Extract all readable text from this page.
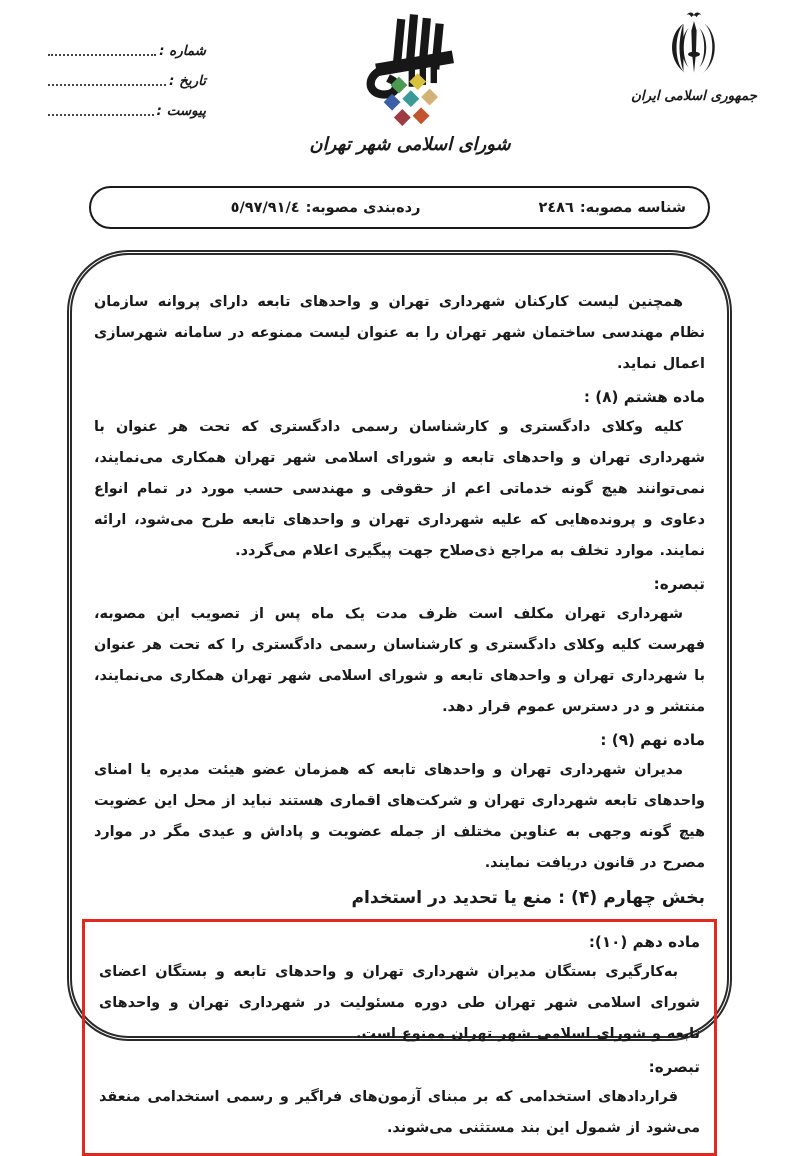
شماره :
تاریخ :
پیوست :
شورای اسلامی شهر تهران
جمهوری اسلامی ایران
شناسه مصوبه:
٢٤٨٦
رده‌بندی مصوبه:
٥/٩٧/٩١/٤

همچنین لیست کارکنان شهرداری تهران و واحدهای تابعه دارای پروانه سازمان نظام مهندسی ساختمان شهر تهران را به عنوان لیست ممنوعه در سامانه شهرسازی اعمال نماید.

ماده هشتم (٨) :

کلیه وکلای دادگستری و کارشناسان رسمی دادگستری که تحت هر عنوان با شهرداری تهران و واحدهای تابعه و شورای اسلامی شهر تهران همکاری می‌نمایند، نمی‌توانند هیچ گونه خدماتی اعم از حقوقی و مهندسی حسب مورد در تمام انواع دعاوی و پرونده‌هایی که علیه شهرداری تهران و واحدهای تابعه طرح می‌شود، ارائه نمایند. موارد تخلف به مراجع ذی‌صلاح جهت پیگیری اعلام می‌گردد.

تبصره:

شهرداری تهران مکلف است ظرف مدت یک ماه پس از تصویب این مصوبه، فهرست کلیه وکلای دادگستری و کارشناسان رسمی دادگستری را که تحت هر عنوان با شهرداری تهران و واحدهای تابعه و شورای اسلامی شهر تهران همکاری می‌نمایند، منتشر و در دسترس عموم قرار دهد.

ماده نهم (٩) :

مدیران شهرداری تهران و واحدهای تابعه که همزمان عضو هیئت مدیره یا امنای واحدهای تابعه شهرداری تهران و شرکت‌های اقماری هستند نباید از محل این عضویت هیچ گونه وجهی به عناوین مختلف از جمله عضویت و پاداش و عیدی مگر در موارد مصرح در قانون دریافت نمایند.

بخش چهارم (۴) : منع یا تحدید در استخدام
ماده دهم (۱۰):

به‌کارگیری بستگان مدیران شهرداری تهران و واحدهای تابعه و بستگان اعضای شورای اسلامی شهر تهران طی دوره مسئولیت در شهرداری تهران و واحدهای تابعه و شورای اسلامی شهر تهران ممنوع است.

تبصره:

قراردادهای استخدامی که بر مبنای آزمون‌های فراگیر و رسمی استخدامی منعقد می‌شود از شمول این بند مستثنی می‌شوند.
